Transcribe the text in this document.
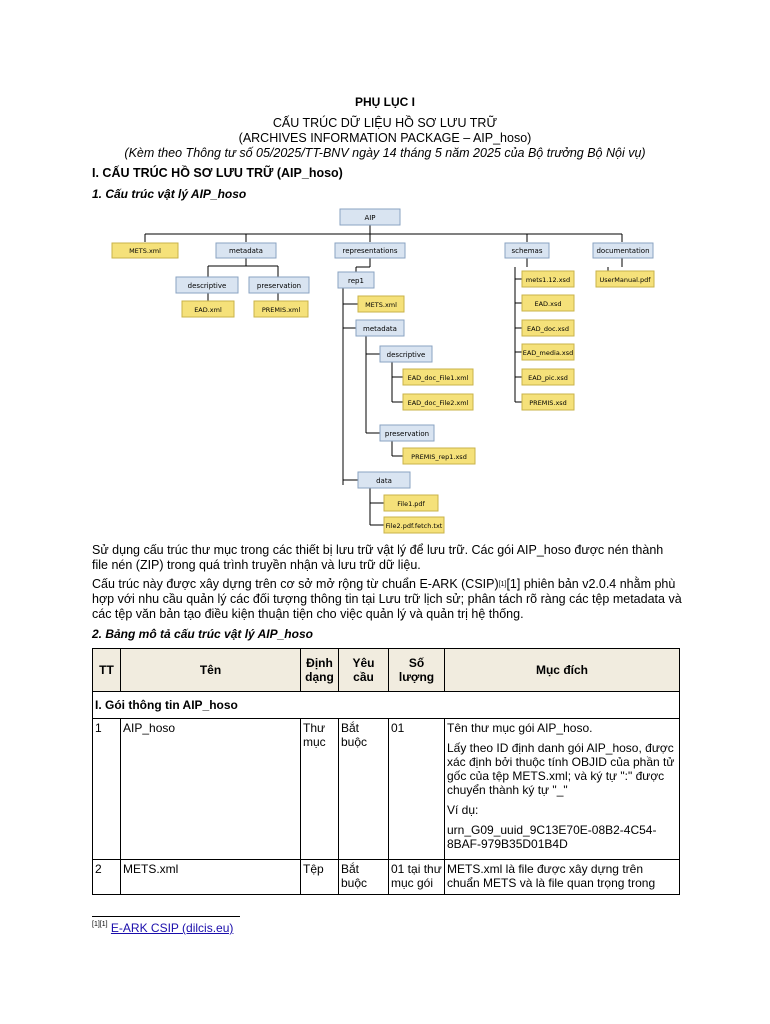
PHỤ LỤC I
CẤU TRÚC DỮ LIỆU HỒ SƠ LƯU TRỮ
(ARCHIVES INFORMATION PACKAGE – AIP_hoso)
(Kèm theo Thông tư số 05/2025/TT-BNV ngày 14 tháng 5 năm 2025 của Bộ trưởng Bộ Nội vụ)
I. CẤU TRÚC HỒ SƠ LƯU TRỮ (AIP_hoso)
1. Cấu trúc vật lý AIP_hoso
AIP
metadata	representations	schemas	documentation
descriptive	preservation
rep1
metadata
descriptive
preservation
data
METS.xml
EAD.xml	PREMIS.xml
METS.xml
EAD_doc_File1.xml
EAD_doc_File2.xml
PREMIS_rep1.xsd
File1.pdf
File2.pdf.fetch.txt
mets1.12.xsd
EAD.xsd
EAD_doc.xsd
EAD_media.xsd
EAD_pic.xsd
PREMIS.xsd
UserManual.pdf
Sử dụng cấu trúc thư mục trong các thiết bị lưu trữ vật lý để lưu trữ. Các gói AIP_hoso được nén thành file nén (ZIP) trong quá trình truyền nhận và lưu trữ dữ liệu.
Cấu trúc này được xây dựng trên cơ sở mở rộng từ chuẩn E-ARK (CSIP)[1][1] phiên bản v2.0.4 nhằm phù hợp với nhu cầu quản lý các đối tượng thông tin tại Lưu trữ lịch sử; phân tách rõ ràng các tệp metadata và các tệp văn bản tạo điều kiện thuận tiện cho việc quản lý và quản trị hệ thống.
2. Bảng mô tả cấu trúc vật lý AIP_hoso
TT	Tên	Định dạng	Yêu cầu	Số lượng	Mục đích
I. Gói thông tin AIP_hoso					
1	AIP_hoso	Thư mục	Bắt buộc	01	Tên thư mục gói AIP_hoso.

Lấy theo ID định danh gói AIP_hoso, được xác định bởi thuộc tính OBJID của phần tử gốc của tệp METS.xml; và ký tự ":" được chuyển thành ký tự "_"

Ví dụ:

urn_G09_uuid_9C13E70E-08B2-4C54-8BAF-979B35D01B4D

2	METS.xml	Tệp	Bắt buộc	01 tại thư mục gói	METS.xml là file được xây dựng trên chuẩn METS và là file quan trọng trong
[1][1] E-ARK CSIP (dilcis.eu)
